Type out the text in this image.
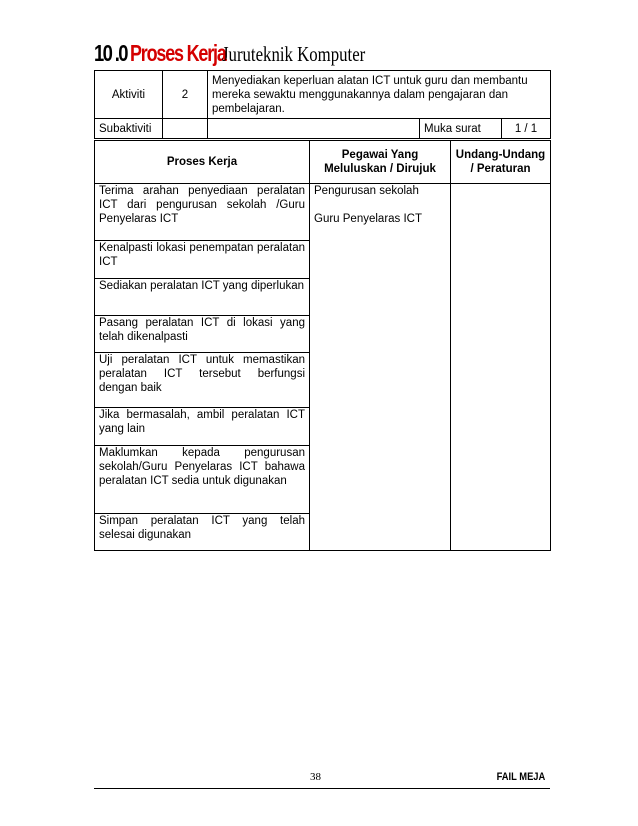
10 .0 Proses KerjaJuruteknik Komputer
Aktiviti	2	Menyediakan keperluan alatan ICT untuk guru dan membantu mereka sewaktu menggunakannya dalam pengajaran dan pembelajaran.		
Subaktiviti			Muka surat	1 / 1
Proses Kerja	Pegawai Yang Meluluskan / Dirujuk	Undang-Undang / Peraturan
Terima arahan penyediaan peralatan ICT dari pengurusan sekolah /Guru Penyelaras ICT	Pengurusan sekolah
Guru Penyelaras ICT	

Kenalpasti lokasi penempatan peralatan ICT		
Sediakan peralatan ICT yang diperlukan		
Pasang peralatan ICT di lokasi yang telah dikenalpasti		
Uji peralatan ICT untuk memastikan peralatan ICT tersebut berfungsi dengan baik		
Jika bermasalah, ambil peralatan ICT yang lain		
Maklumkan kepada pengurusan sekolah/Guru Penyelaras ICT bahawa peralatan ICT sedia untuk digunakan		
Simpan peralatan ICT yang telah selesai digunakan		
38	FAIL MEJA
